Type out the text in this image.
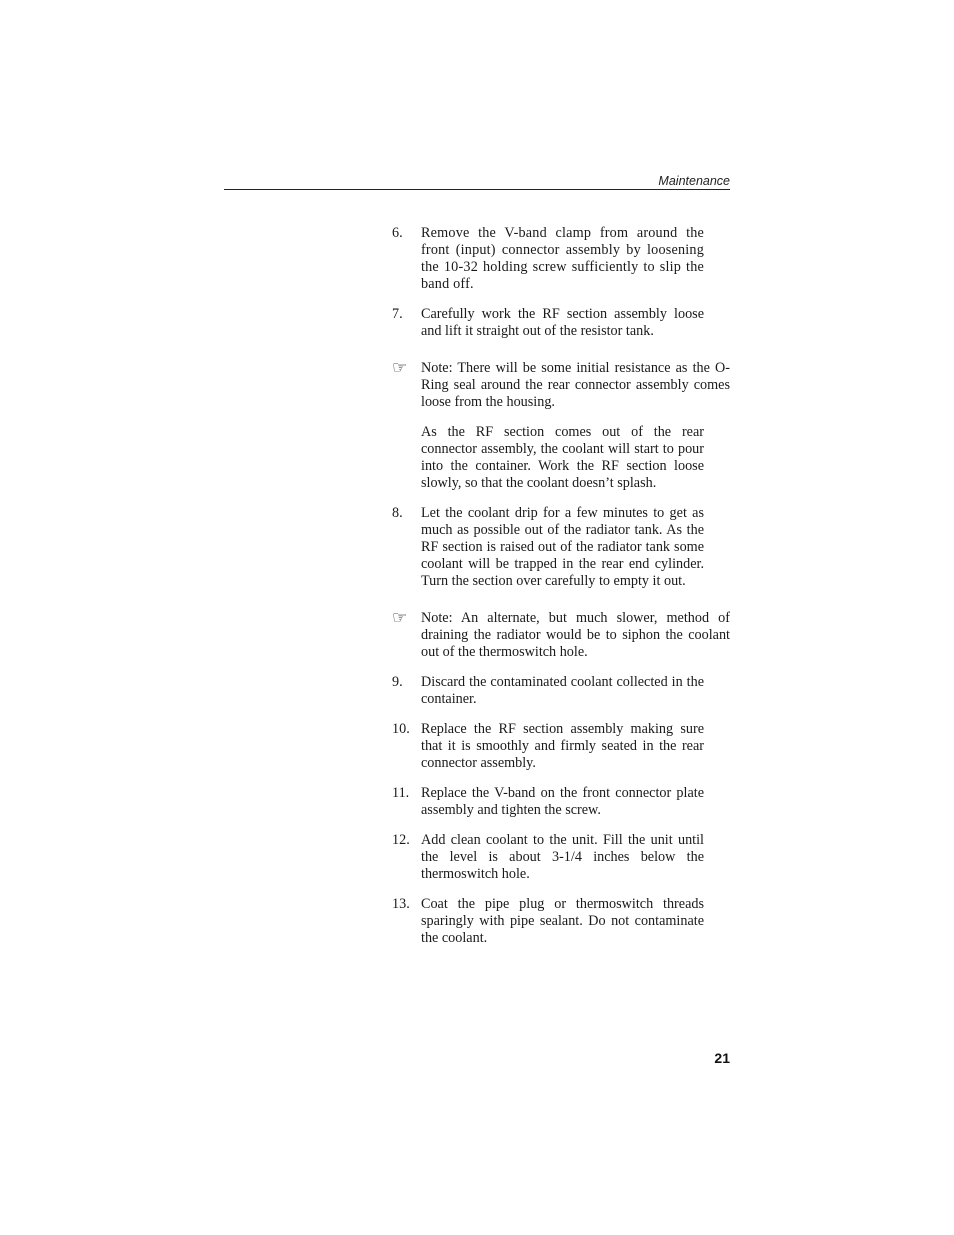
Maintenance
6. Remove the V-band clamp from around the front (input) connector assembly by loosening the 10-32 holding screw sufficiently to slip the band off.
7. Carefully work the RF section assembly loose and lift it straight out of the resistor tank.
☞ Note: There will be some initial resistance as the O-Ring seal around the rear connector assembly comes loose from the housing.
As the RF section comes out of the rear connector assembly, the coolant will start to pour into the container. Work the RF section loose slowly, so that the coolant doesn’t splash.
8. Let the coolant drip for a few minutes to get as much as possible out of the radiator tank. As the RF section is raised out of the radiator tank some coolant will be trapped in the rear end cylinder. Turn the section over carefully to empty it out.
☞ Note: An alternate, but much slower, method of draining the radiator would be to siphon the coolant out of the thermoswitch hole.
9. Discard the contaminated coolant collected in the container.
10. Replace the RF section assembly making sure that it is smoothly and firmly seated in the rear connector assembly.
11. Replace the V-band on the front connector plate assembly and tighten the screw.
12. Add clean coolant to the unit. Fill the unit until the level is about 3-1/4 inches below the thermoswitch hole.
13. Coat the pipe plug or thermoswitch threads sparingly with pipe sealant. Do not contaminate the coolant.
21
